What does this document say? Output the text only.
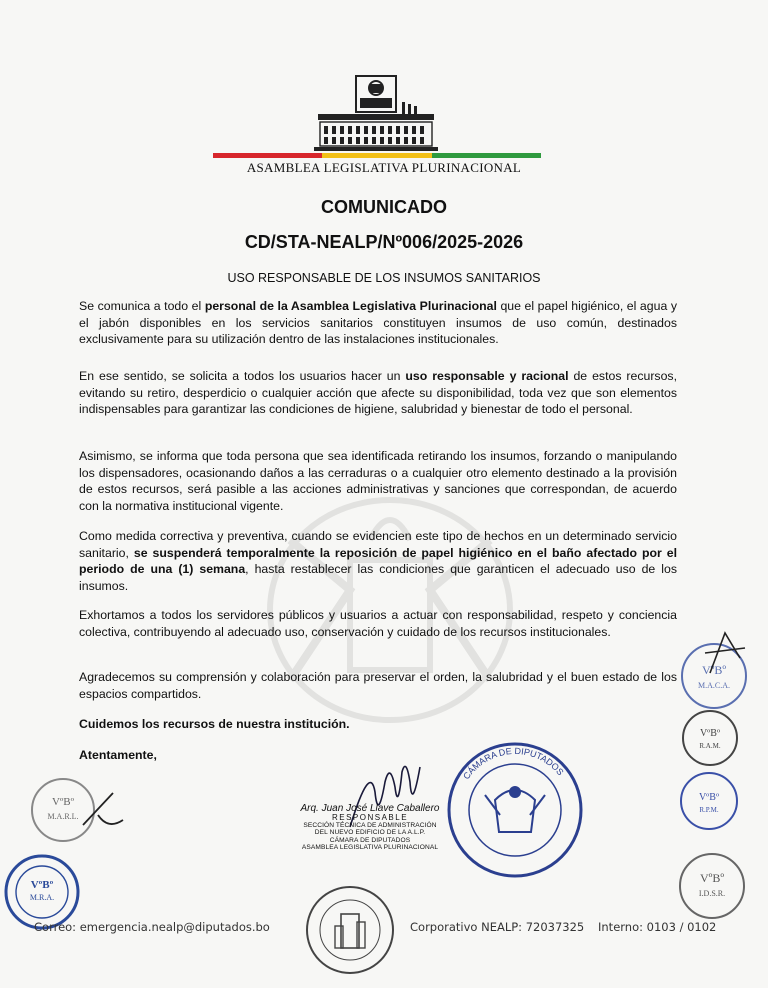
ASAMBLEA LEGISLATIVA PLURINACIONAL
COMUNICADO
CD/STA-NEALP/Nº006/2025-2026
USO RESPONSABLE DE LOS INSUMOS SANITARIOS
Se comunica a todo el personal de la Asamblea Legislativa Plurinacional que el papel higiénico, el agua y el jabón disponibles en los servicios sanitarios constituyen insumos de uso común, destinados exclusivamente para su utilización dentro de las instalaciones institucionales.
En ese sentido, se solicita a todos los usuarios hacer un uso responsable y racional de estos recursos, evitando su retiro, desperdicio o cualquier acción que afecte su disponibilidad, toda vez que son elementos indispensables para garantizar las condiciones de higiene, salubridad y bienestar de todo el personal.
Asimismo, se informa que toda persona que sea identificada retirando los insumos, forzando o manipulando los dispensadores, ocasionando daños a las cerraduras o a cualquier otro elemento destinado a la provisión de estos recursos, será pasible a las acciones administrativas y sanciones que correspondan, de acuerdo con la normativa institucional vigente.
Como medida correctiva y preventiva, cuando se evidencien este tipo de hechos en un determinado servicio sanitario, se suspenderá temporalmente la reposición de papel higiénico en el baño afectado por el periodo de una (1) semana, hasta restablecer las condiciones que garanticen el adecuado uso de los insumos.
Exhortamos a todos los servidores públicos y usuarios a actuar con responsabilidad, respeto y conciencia colectiva, contribuyendo al adecuado uso, conservación y cuidado de los recursos institucionales.
Agradecemos su comprensión y colaboración para preservar el orden, la salubridad y el buen estado de los espacios compartidos.
Cuidemos los recursos de nuestra institución.
Atentamente,
Arq. Juan José Llave Caballero
RESPONSABLE
SECCIÓN TÉCNICA DE ADMINISTRACIÓN
DEL NUEVO EDIFICIO DE LA A.L.P.
CÁMARA DE DIPUTADOS
ASAMBLEA LEGISLATIVA PLURINACIONAL
CÁMARA DE DIPUTADOS
VºBº
M.A.R.L.
VºBº
M.R.A.
VºBº
M.A.C.A.
VºBº
R.A.M.
VºBº
R.P.M.
VºBº
I.D.S.R.
Correo: emergencia.nealp@diputados.bo	Corporativo NEALP: 72037325 Interno: 0103 / 0102
